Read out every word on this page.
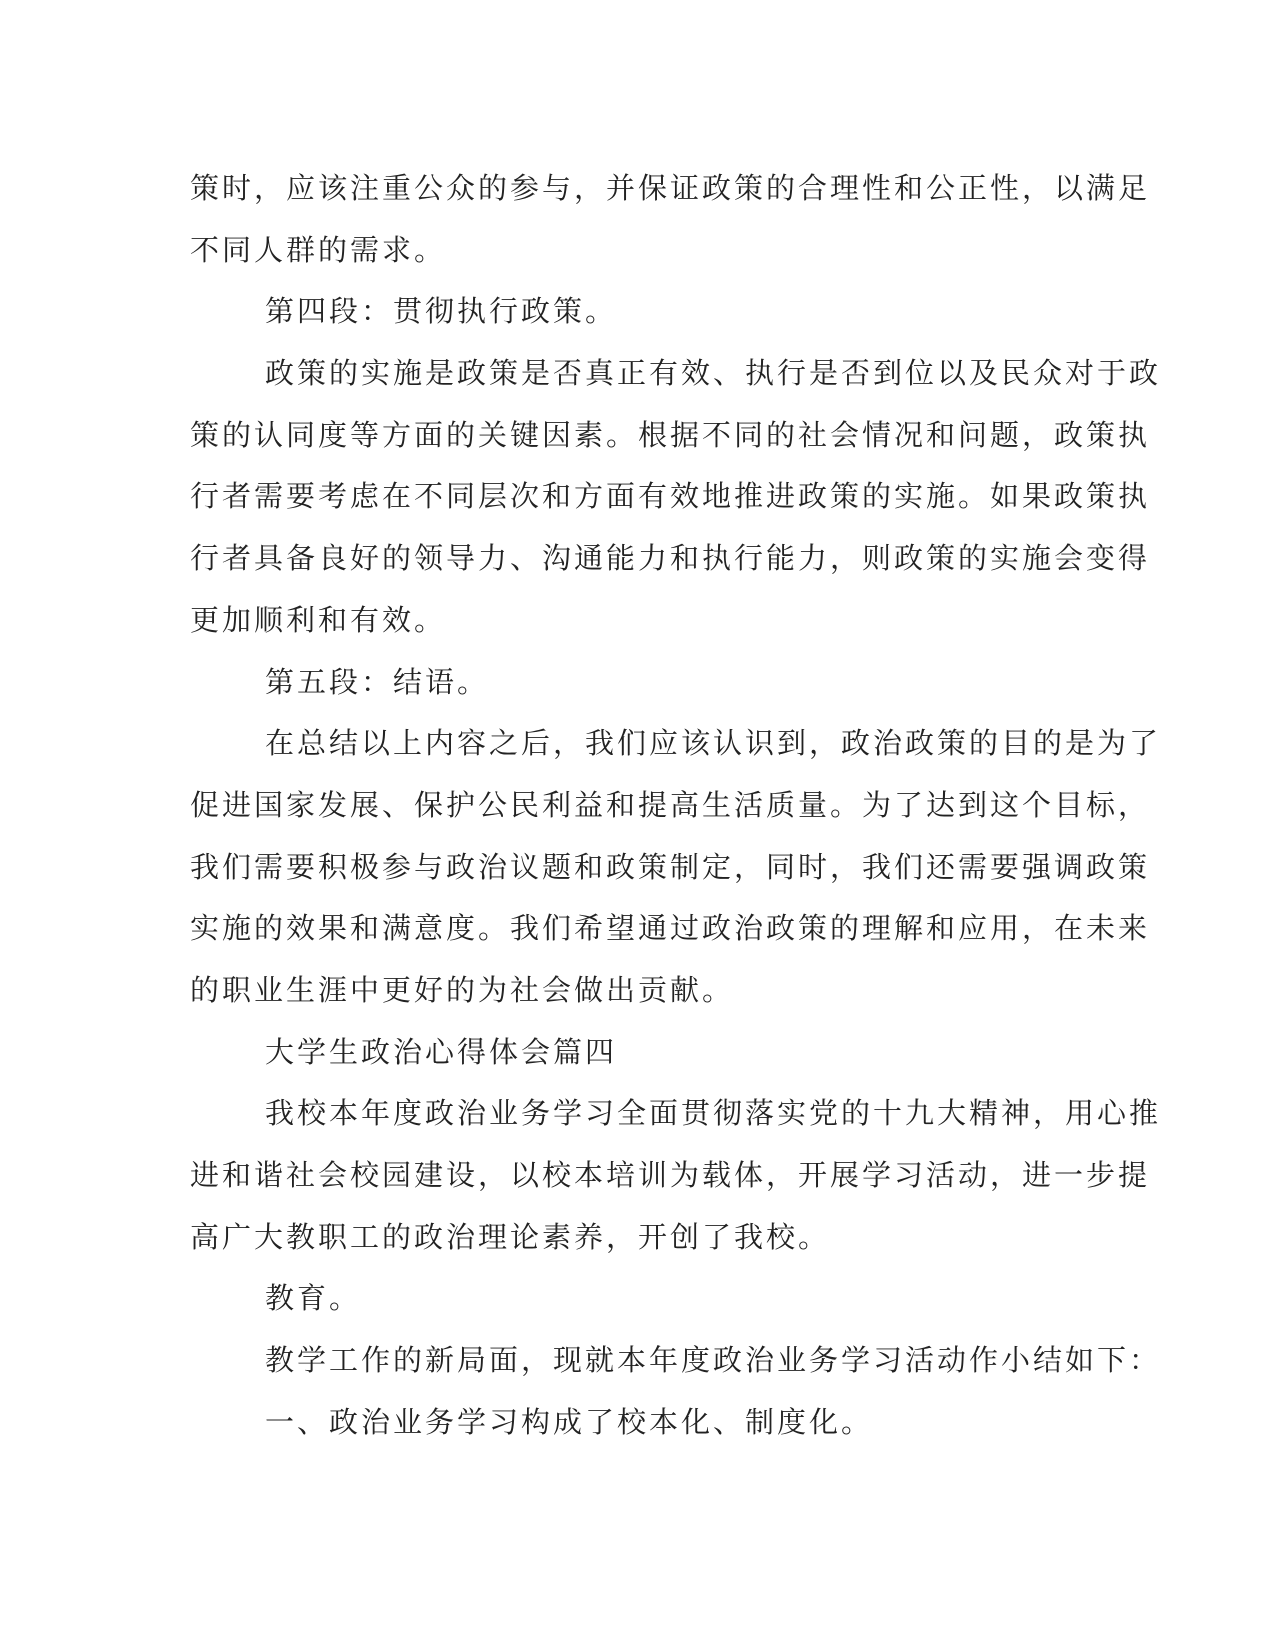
策时，应该注重公众的参与，并保证政策的合理性和公正性，以满足
不同人群的需求。
第四段：贯彻执行政策。
政策的实施是政策是否真正有效、执行是否到位以及民众对于政
策的认同度等方面的关键因素。根据不同的社会情况和问题，政策执
行者需要考虑在不同层次和方面有效地推进政策的实施。如果政策执
行者具备良好的领导力、沟通能力和执行能力，则政策的实施会变得
更加顺利和有效。
第五段：结语。
在总结以上内容之后，我们应该认识到，政治政策的目的是为了
促进国家发展、保护公民利益和提高生活质量。为了达到这个目标，
我们需要积极参与政治议题和政策制定，同时，我们还需要强调政策
实施的效果和满意度。我们希望通过政治政策的理解和应用，在未来
的职业生涯中更好的为社会做出贡献。
大学生政治心得体会篇四
我校本年度政治业务学习全面贯彻落实党的十九大精神，用心推
进和谐社会校园建设，以校本培训为载体，开展学习活动，进一步提
高广大教职工的政治理论素养，开创了我校。
教育。
教学工作的新局面，现就本年度政治业务学习活动作小结如下：
一、政治业务学习构成了校本化、制度化。
